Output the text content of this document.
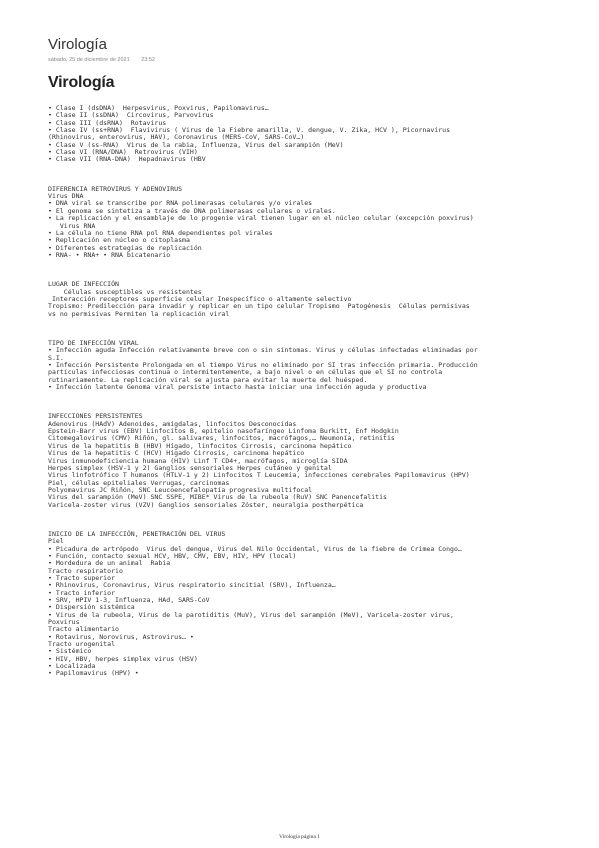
Virología
sábado, 25 de diciembre de 2021 23:52
Virología
• Clase I (dsDNA)  Herpesvirus, Poxvirus, Papilomavirus…
• Clase II (ssDNA)  Circovirus, Parvovirus
• Clase III (dsRNA)  Rotavirus
• Clase IV (ss+RNA)  Flavivirus ( Virus de la Fiebre amarilla, V. dengue, V. Zika, HCV ), Picornavirus
(Rhinovirus, enterovirus, HAV), Coronavirus (MERS-CoV, SARS-CoV…)
• Clase V (ss-RNA)  Virus de la rabia, Influenza, Virus del sarampión (MeV)
• Clase VI (RNA/DNA)  Retrovirus (VIH)
• Clase VII (RNA-DNA)  Hepadnavirus (HBV
DIFERENCIA RETROVIRUS Y ADENOVIRUS
Virus DNA
• DNA viral se transcribe por RNA polimerasas celulares y/o virales
• El genoma se sintetiza a través de DNA polimerasas celulares o virales.
• La replicación y el ensamblaje de lo progenie viral tienen lugar en el núcleo celular (excepción poxvirus)
Virus RNA
• La célula no tiene RNA pol RNA dependientes pol virales
• Replicación en núcleo o citoplasma
• Diferentes estrategias de replicación
• RNA- • RNA+ • RNA bicatenario
LUGAR DE INFECCIÓN
Células susceptibles vs resistentes
Interacción receptores superficie celular Inespecífico o altamente selectivo
Tropismo: Predilección para invadir y replicar en un tipo celular Tropismo  Patogénesis  Células permisivas
vs no permisivas Permiten la replicación viral
TIPO DE INFECCIÓN VIRAL
• Infección aguda Infección relativamente breve con o sin síntomas. Virus y células infectadas eliminadas por
S.I.
• Infección Persistente Prolongada en el tiempo Virus no eliminado por SI tras infección primaria. Producción
partículas infecciosas continua o intermitentemente, a bajo nivel o en células que el SI no controla
rutinariamente. La replicación viral se ajusta para evitar la muerte del huésped.
• Infección latente Genoma viral persiste intacto hasta iniciar una infección aguda y productiva
INFECCIONES PERSISTENTES
Adenovirus (HAdV) Adenoides, amígdalas, linfocitos Desconocidas
Epstein-Barr virus (EBV) Linfocitos B, epitelio nasofaríngeo Linfoma Burkitt, Enf Hodgkin
Citomegalovirus (CMV) Riñón, gl. salivares, linfocitos, macrófagos,… Neumonía, retinitis
Virus de la hepatitis B (HBV) Hígado, linfocitos Cirrosis, carcinoma hepático
Virus de la hepatitis C (HCV) Hígado Cirrosis, carcinoma hepático
Virus inmunodeficiencia humana (HIV) Linf T CD4+, macrófagos, microglía SIDA
Herpes simplex (HSV-1 y 2) Ganglios sensoriales Herpes cutáneo y genital
Virus linfotrófico T humanos (HTLV-1 y 2) Linfocitos T Leucemia, infecciones cerebrales Papilomavirus (HPV)
Piel, células epiteliales Verrugas, carcinomas
Polyomavirus JC Riñón, SNC Leucoencefalopatía progresiva multifocal
Virus del sarampión (MeV) SNC SSPE, MIBE* Virus de la rubeola (RuV) SNC Panencefalitis
Varicela-zoster virus (VZV) Ganglios sensoriales Zóster, neuralgia postherpética
INICIO DE LA INFECCIÓN, PENETRACIÓN DEL VIRUS
Piel
• Picadura de artrópodo  Virus del dengue, Virus del Nilo Occidental, Virus de la fiebre de Crimea Congo…
• Función, contacto sexual HCV, HBV, CMV, EBV, HIV, HPV (local)
• Mordedura de un animal  Rabia
Tracto respiratorio
• Tracto superior
• Rhinovirus, Coronavirus, Virus respiratorio sincitial (SRV), Influenza…
• Tracto inferior
• SRV, HPIV 1-3, Influenza, HAd, SARS-CoV
• Dispersión sistémica
• Virus de la rubeola, Virus de la parotiditis (MuV), Virus del sarampión (MeV), Varicela-zoster virus,
Poxvirus
Tracto alimentario
• Rotavirus, Norovirus, Astrovirus… •
Tracto urogenital
• Sistémico
• HIV, HBV, herpes simplex virus (HSV)
• Localizada
• Papilomavirus (HPV) •
Virología página 1
